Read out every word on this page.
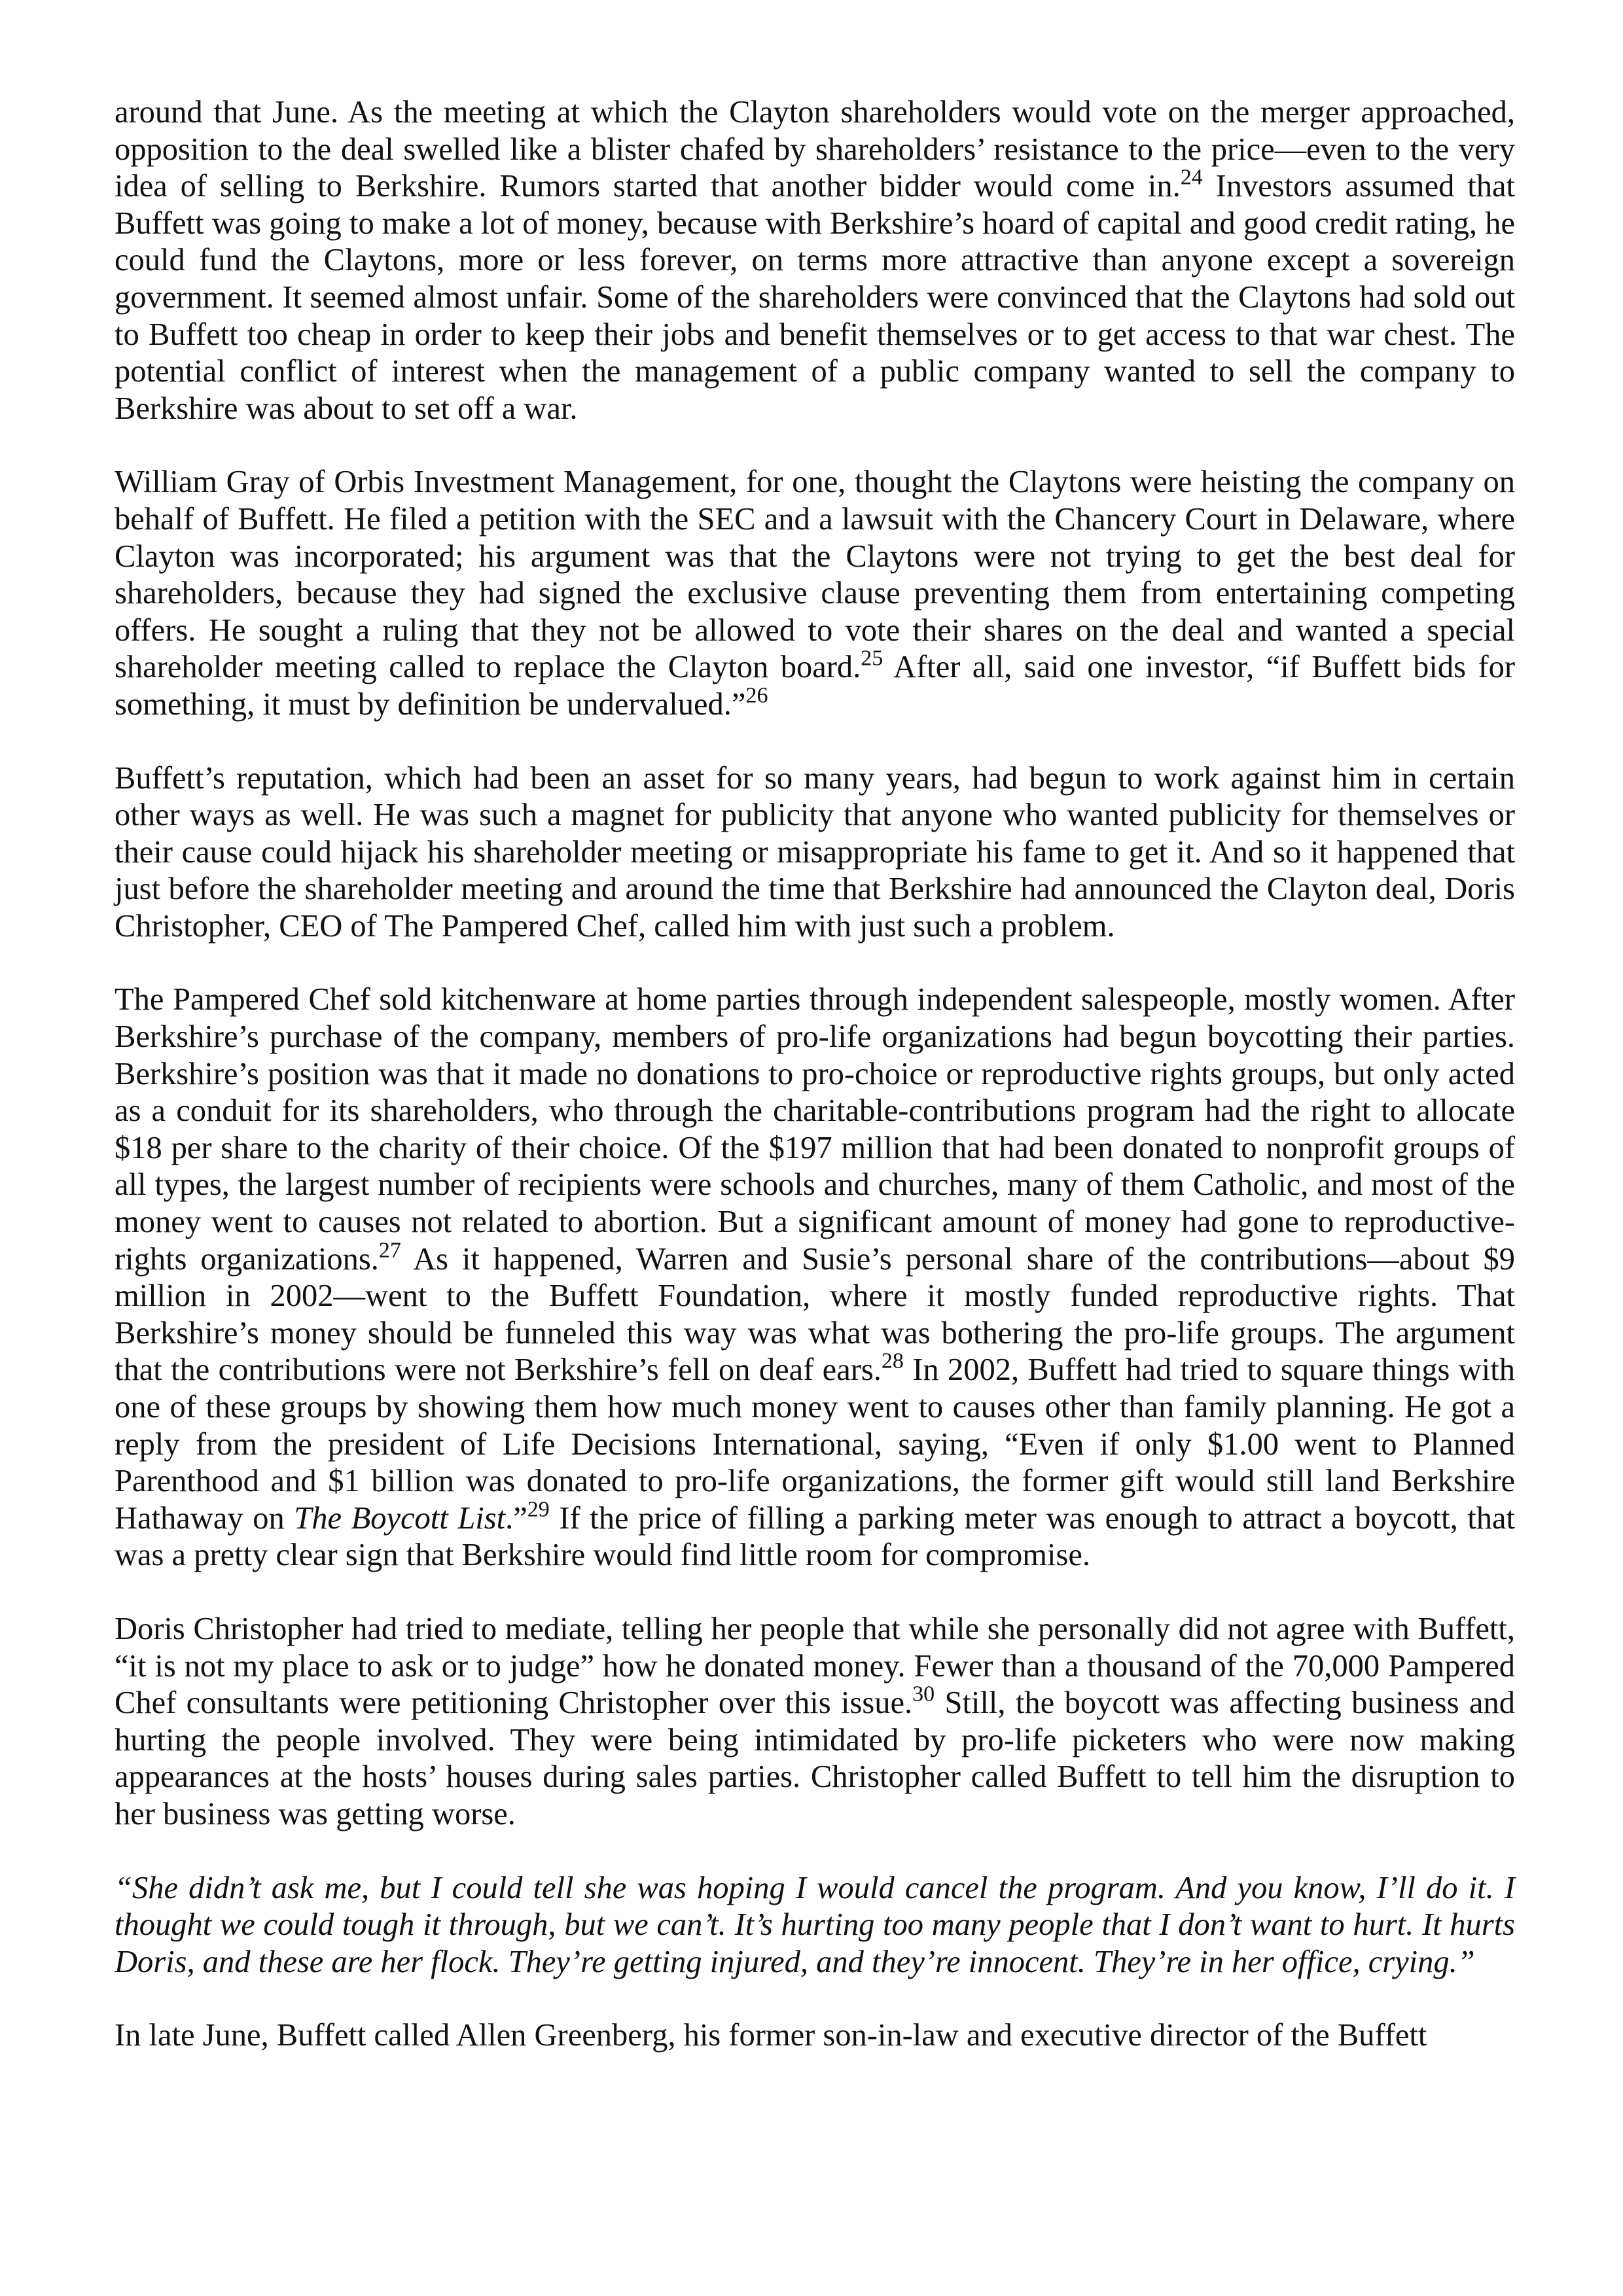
around that June. As the meeting at which the Clayton shareholders would vote on the merger approached, opposition to the deal swelled like a blister chafed by shareholders’ resistance to the price—even to the very idea of selling to Berkshire. Rumors started that another bidder would come in.$^{24}$ Investors assumed that Buffett was going to make a lot of money, because with Berkshire’s hoard of capital and good credit rating, he could fund the Claytons, more or less forever, on terms more attractive than anyone except a sovereign government. It seemed almost unfair. Some of the shareholders were convinced that the Claytons had sold out to Buffett too cheap in order to keep their jobs and benefit themselves or to get access to that war chest. The potential conflict of interest when the management of a public company wanted to sell the company to Berkshire was about to set off a war.

William Gray of Orbis Investment Management, for one, thought the Claytons were heisting the company on behalf of Buffett. He filed a petition with the SEC and a lawsuit with the Chancery Court in Delaware, where Clayton was incorporated; his argument was that the Claytons were not trying to get the best deal for shareholders, because they had signed the exclusive clause preventing them from entertaining competing offers. He sought a ruling that they not be allowed to vote their shares on the deal and wanted a special shareholder meeting called to replace the Clayton board.$^{25}$ After all, said one investor, “if Buffett bids for something, it must by definition be undervalued.”$^{26}$

Buffett’s reputation, which had been an asset for so many years, had begun to work against him in certain other ways as well. He was such a magnet for publicity that anyone who wanted publicity for themselves or their cause could hijack his shareholder meeting or misappropriate his fame to get it. And so it happened that just before the shareholder meeting and around the time that Berkshire had announced the Clayton deal, Doris Christopher, CEO of The Pampered Chef, called him with just such a problem.

The Pampered Chef sold kitchenware at home parties through independent salespeople, mostly women. After Berkshire’s purchase of the company, members of pro-life organizations had begun boycotting their parties. Berkshire’s position was that it made no donations to pro-choice or reproductive rights groups, but only acted as a conduit for its shareholders, who through the charitable-contributions program had the right to allocate $18 per share to the charity of their choice. Of the $197 million that had been donated to nonprofit groups of all types, the largest number of recipients were schools and churches, many of them Catholic, and most of the money went to causes not related to abortion. But a significant amount of money had gone to reproductive-rights organizations.$^{27}$ As it happened, Warren and Susie’s personal share of the contributions—about $9 million in 2002—went to the Buffett Foundation, where it mostly funded reproductive rights. That Berkshire’s money should be funneled this way was what was bothering the pro-life groups. The argument that the contributions were not Berkshire’s fell on deaf ears.$^{28}$ In 2002, Buffett had tried to square things with one of these groups by showing them how much money went to causes other than family planning. He got a reply from the president of Life Decisions International, saying, “Even if only $1.00 went to Planned Parenthood and $1 billion was donated to pro-life organizations, the former gift would still land Berkshire Hathaway on The Boycott List.”$^{29}$ If the price of filling a parking meter was enough to attract a boycott, that was a pretty clear sign that Berkshire would find little room for compromise.

Doris Christopher had tried to mediate, telling her people that while she personally did not agree with Buffett, “it is not my place to ask or to judge” how he donated money. Fewer than a thousand of the 70,000 Pampered Chef consultants were petitioning Christopher over this issue.$^{30}$ Still, the boycott was affecting business and hurting the people involved. They were being intimidated by pro-life picketers who were now making appearances at the hosts’ houses during sales parties. Christopher called Buffett to tell him the disruption to her business was getting worse.

“She didn’t ask me, but I could tell she was hoping I would cancel the program. And you know, I’ll do it. I thought we could tough it through, but we can’t. It’s hurting too many people that I don’t want to hurt. It hurts Doris, and these are her flock. They’re getting injured, and they’re innocent. They’re in her office, crying.”

In late June, Buffett called Allen Greenberg, his former son-in-law and executive director of the Buffett
